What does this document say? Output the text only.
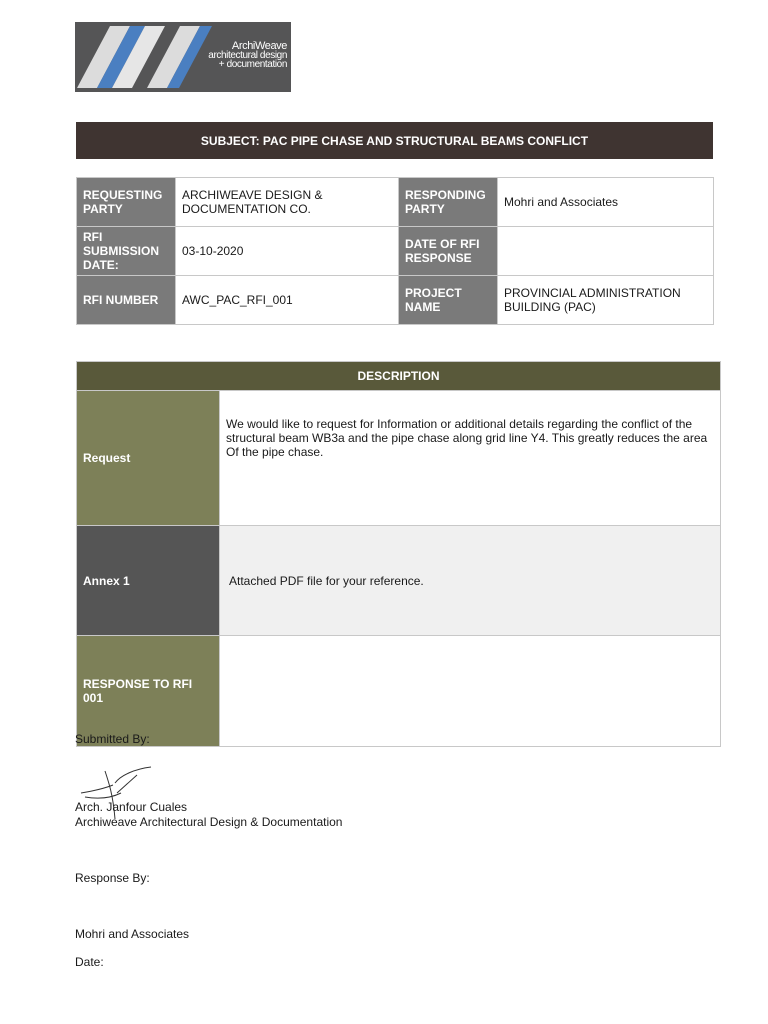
ArchiWeave
architectural design
+ documentation
SUBJECT: PAC PIPE CHASE AND STRUCTURAL BEAMS CONFLICT
REQUESTING PARTY	ARCHIWEAVE DESIGN & DOCUMENTATION CO.	RESPONDING PARTY	Mohri and Associates
RFI SUBMISSION DATE:	03-10-2020	DATE OF RFI RESPONSE	
RFI NUMBER	AWC_PAC_RFI_001	PROJECT NAME	PROVINCIAL ADMINISTRATION BUILDING (PAC)
DESCRIPTION	
Request	We would like to request for Information or additional details regarding the conflict of the structural beam WB3a and the pipe chase along grid line Y4. This greatly reduces the area Of the pipe chase.
Annex 1	Attached PDF file for your reference.
RESPONSE TO RFI 001	
Submitted By:
Arch. Janfour Cuales
Archiweave Architectural Design & Documentation
Response By:
Mohri and Associates
Date:
